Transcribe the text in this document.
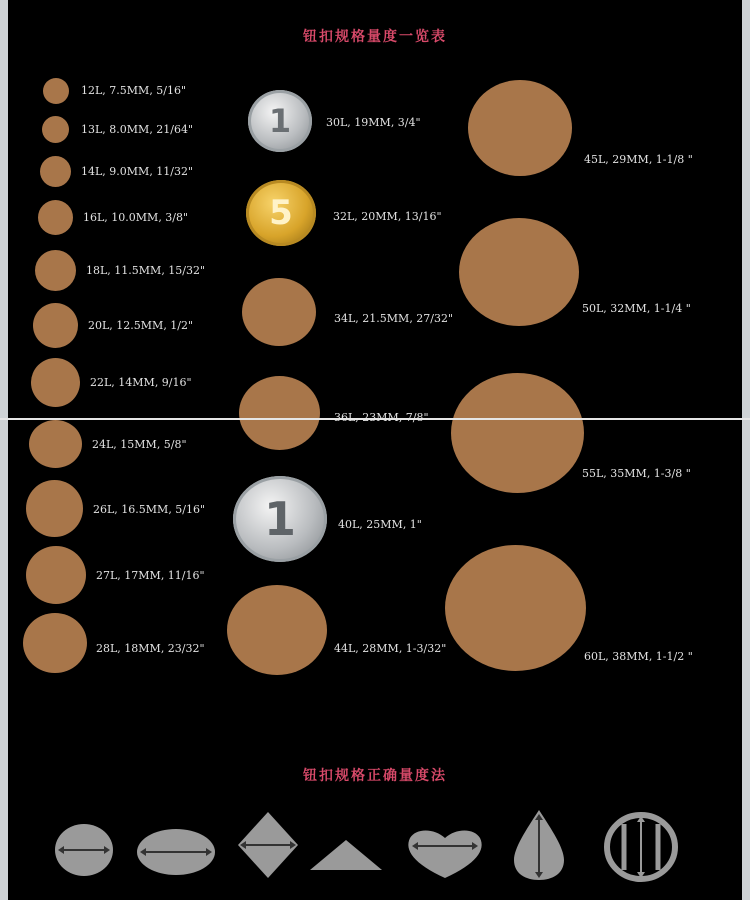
钮扣规格量度一览表
12L, 7.5MM, 5/16"
13L, 8.0MM, 21/64"
14L, 9.0MM, 11/32"
16L, 10.0MM, 3/8"
18L, 11.5MM, 15/32"
20L, 12.5MM, 1/2"
22L, 14MM, 9/16"
24L, 15MM, 5/8"
26L, 16.5MM, 5/16"
27L, 17MM, 11/16"
28L, 18MM, 23/32"
1	30L, 19MM, 3/4"
5	32L, 20MM, 13/16"
34L, 21.5MM, 27/32"
1	40L, 25MM, 1"
44L, 28MM, 1-3/32"
45L, 29MM, 1-1/8 "
50L, 32MM, 1-1/4 "
55L, 35MM, 1-3/8 "
60L, 38MM, 1-1/2 "
钮扣规格正确量度法
